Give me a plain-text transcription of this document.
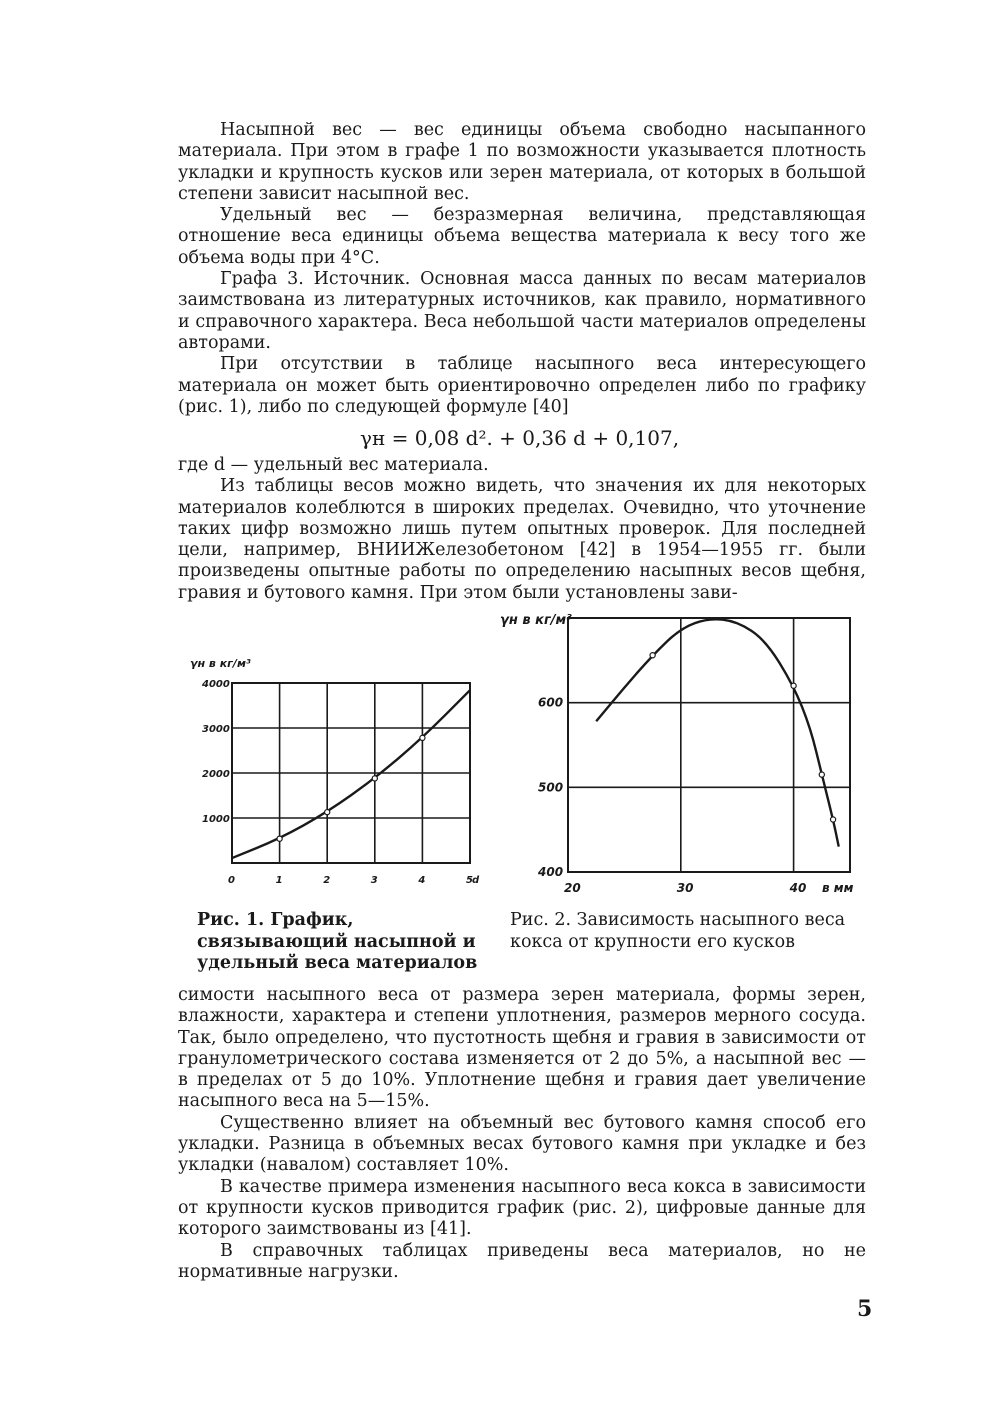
Насыпной вес — вес единицы объема свободно насыпанного материала. При этом в графе 1 по возможности указывается плотность укладки и крупность кусков или зерен материала, от которых в большой степени зависит насыпной вес.

Удельный вес — безразмерная величина, представляющая отношение веса единицы объема вещества материала к весу того же объема воды при 4°С.

Графа 3. Источник. Основная масса данных по весам материалов заимствована из литературных источников, как правило, нормативного и справочного характера. Веса небольшой части материалов определены авторами.

При отсутствии в таблице насыпного веса интересующего материала он может быть ориентировочно определен либо по графику (рис. 1), либо по следующей формуле [40]

γн = 0,08 d². + 0,36 d + 0,107,

где d — удельный вес материала.

Из таблицы весов можно видеть, что значения их для некоторых материалов колеблются в широких пределах. Очевидно, что уточнение таких цифр возможно лишь путем опытных проверок. Для последней цели, например, ВНИИЖелезобетоном [42] в 1954—1955 гг. были произведены опытные работы по определению насыпных весов щебня, гравия и бутового камня. При этом были установлены зави-

0	1	2	3	4	5
1000
2000
3000
4000
γн в кг/м³
d
20	30	40
400
500
600
γн в кг/м³
в мм
Рис. 1. График, связывающий насыпной и удельный веса материалов
Рис. 2. Зависимость насыпного веса кокса от крупности его кусков

симости насыпного веса от размера зерен материала, формы зерен, влажности, характера и степени уплотнения, размеров мерного сосуда. Так, было определено, что пустотность щебня и гравия в зависимости от гранулометрического состава изменяется от 2 до 5%, а насыпной вес — в пределах от 5 до 10%. Уплотнение щебня и гравия дает увеличение насыпного веса на 5—15%.

Существенно влияет на объемный вес бутового камня способ его укладки. Разница в объемных весах бутового камня при укладке и без укладки (навалом) составляет 10%.

В качестве примера изменения насыпного веса кокса в зависимости от крупности кусков приводится график (рис. 2), цифровые данные для которого заимствованы из [41].

В справочных таблицах приведены веса материалов, но не нормативные нагрузки.

5
